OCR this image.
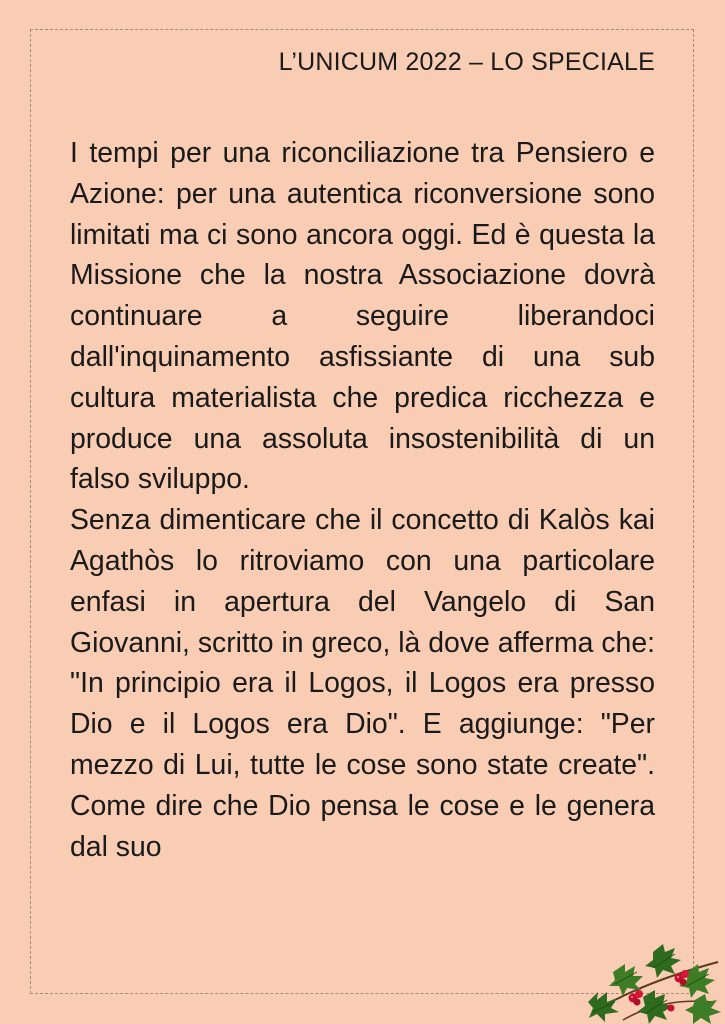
L’UNICUM 2022 – LO SPECIALE

I tempi per una riconciliazione tra Pensiero e Azione: per una autentica riconversione sono limitati ma ci sono ancora oggi. Ed è questa la Missione che la nostra Associazione dovrà continuare a seguire liberandoci dall'inquinamento asfissiante di una sub cultura materialista che predica ricchezza e produce una assoluta insostenibilità di un falso sviluppo.

Senza dimenticare che il concetto di Kalòs kai Agathòs lo ritroviamo con una particolare enfasi in apertura del Vangelo di San Giovanni, scritto in greco, là dove afferma che: "In principio era il Logos, il Logos era presso Dio e il Logos era Dio". E aggiunge: "Per mezzo di Lui, tutte le cose sono state create". Come dire che Dio pensa le cose e le genera dal suo
